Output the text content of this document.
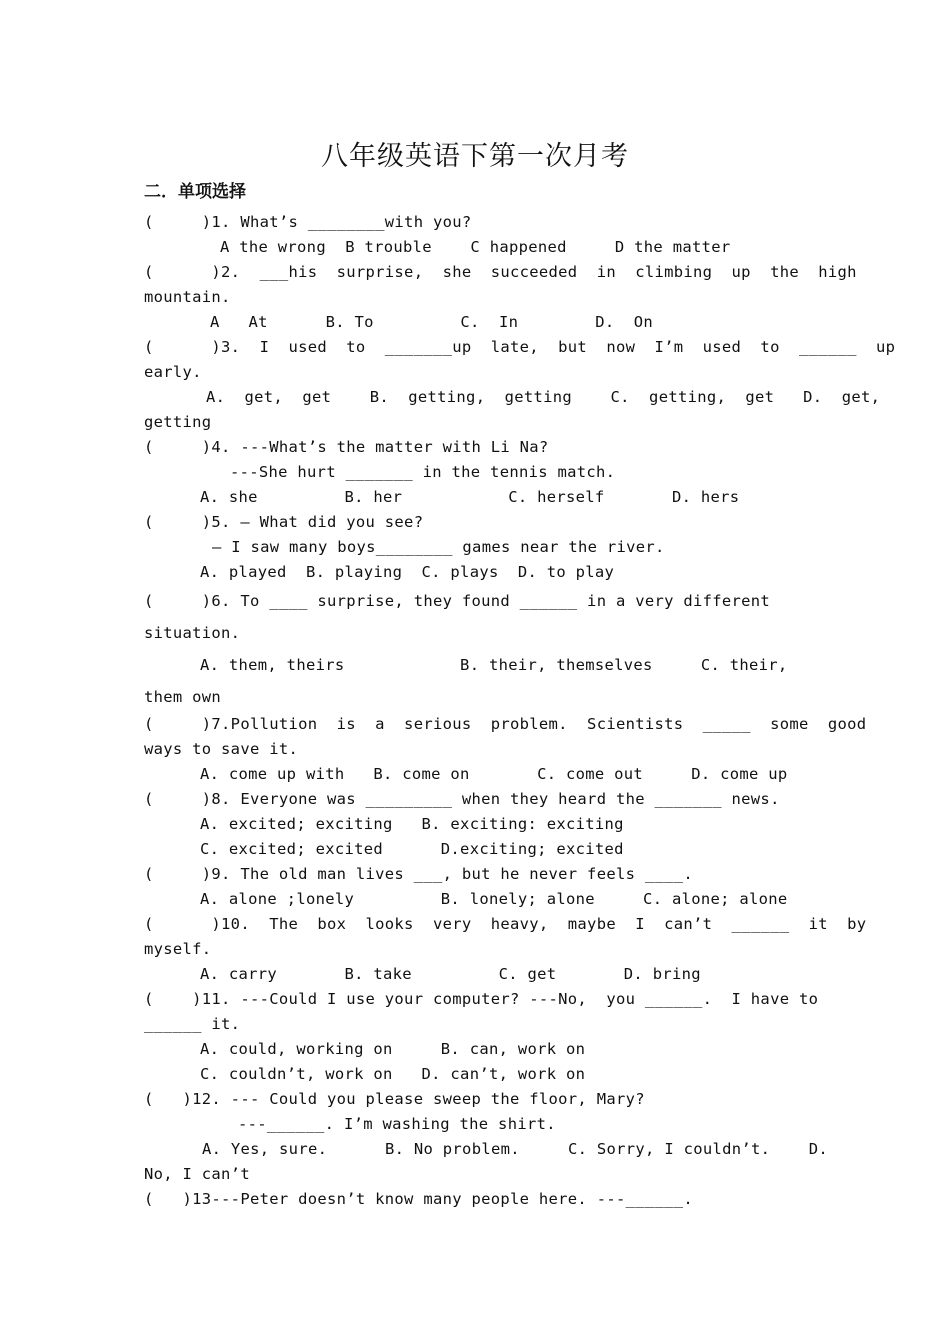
八年级英语下第一次月考
二．单项选择
(     )1. What’s ________with you?
A the wrong  B trouble    C happened     D the matter
(      )2.  ___his  surprise,  she  succeeded  in  climbing  up  the  high
mountain.
A   At      B. To         C.  In        D.  On
(      )3.  I  used  to  _______up  late,  but  now  I’m  used  to  ______  up
early.
A.  get,  get    B.  getting,  getting    C.  getting,  get   D.  get,
getting
(     )4. ---What’s the matter with Li Na?
---She hurt _______ in the tennis match.
A. she         B. her           C. herself       D. hers
(     )5. — What did you see?
— I saw many boys________ games near the river.
A. played  B. playing  C. plays  D. to play
(     )6. To ____ surprise, they found ______ in a very different
situation.
A. them, theirs            B. their, themselves     C. their,
them own
(     )7.Pollution  is  a  serious  problem.  Scientists  _____  some  good
ways to save it.
A. come up with   B. come on       C. come out     D. come up
(     )8. Everyone was _________ when they heard the _______ news.
A. excited; exciting   B. exciting: exciting
C. excited; excited      D.exciting; excited
(     )9. The old man lives ___, but he never feels ____.
A. alone ;lonely         B. lonely; alone     C. alone; alone
(      )10.  The  box  looks  very  heavy,  maybe  I  can’t  ______  it  by
myself.
A. carry       B. take         C. get       D. bring
(    )11. ---Could I use your computer? ---No,  you ______.  I have to
______ it.
A. could, working on     B. can, work on
C. couldn’t, work on   D. can’t, work on
(   )12. --- Could you please sweep the floor, Mary?
---______. I’m washing the shirt.
A. Yes, sure.      B. No problem.     C. Sorry, I couldn’t.    D.
No, I can’t
(   )13---Peter doesn’t know many people here. ---______.
